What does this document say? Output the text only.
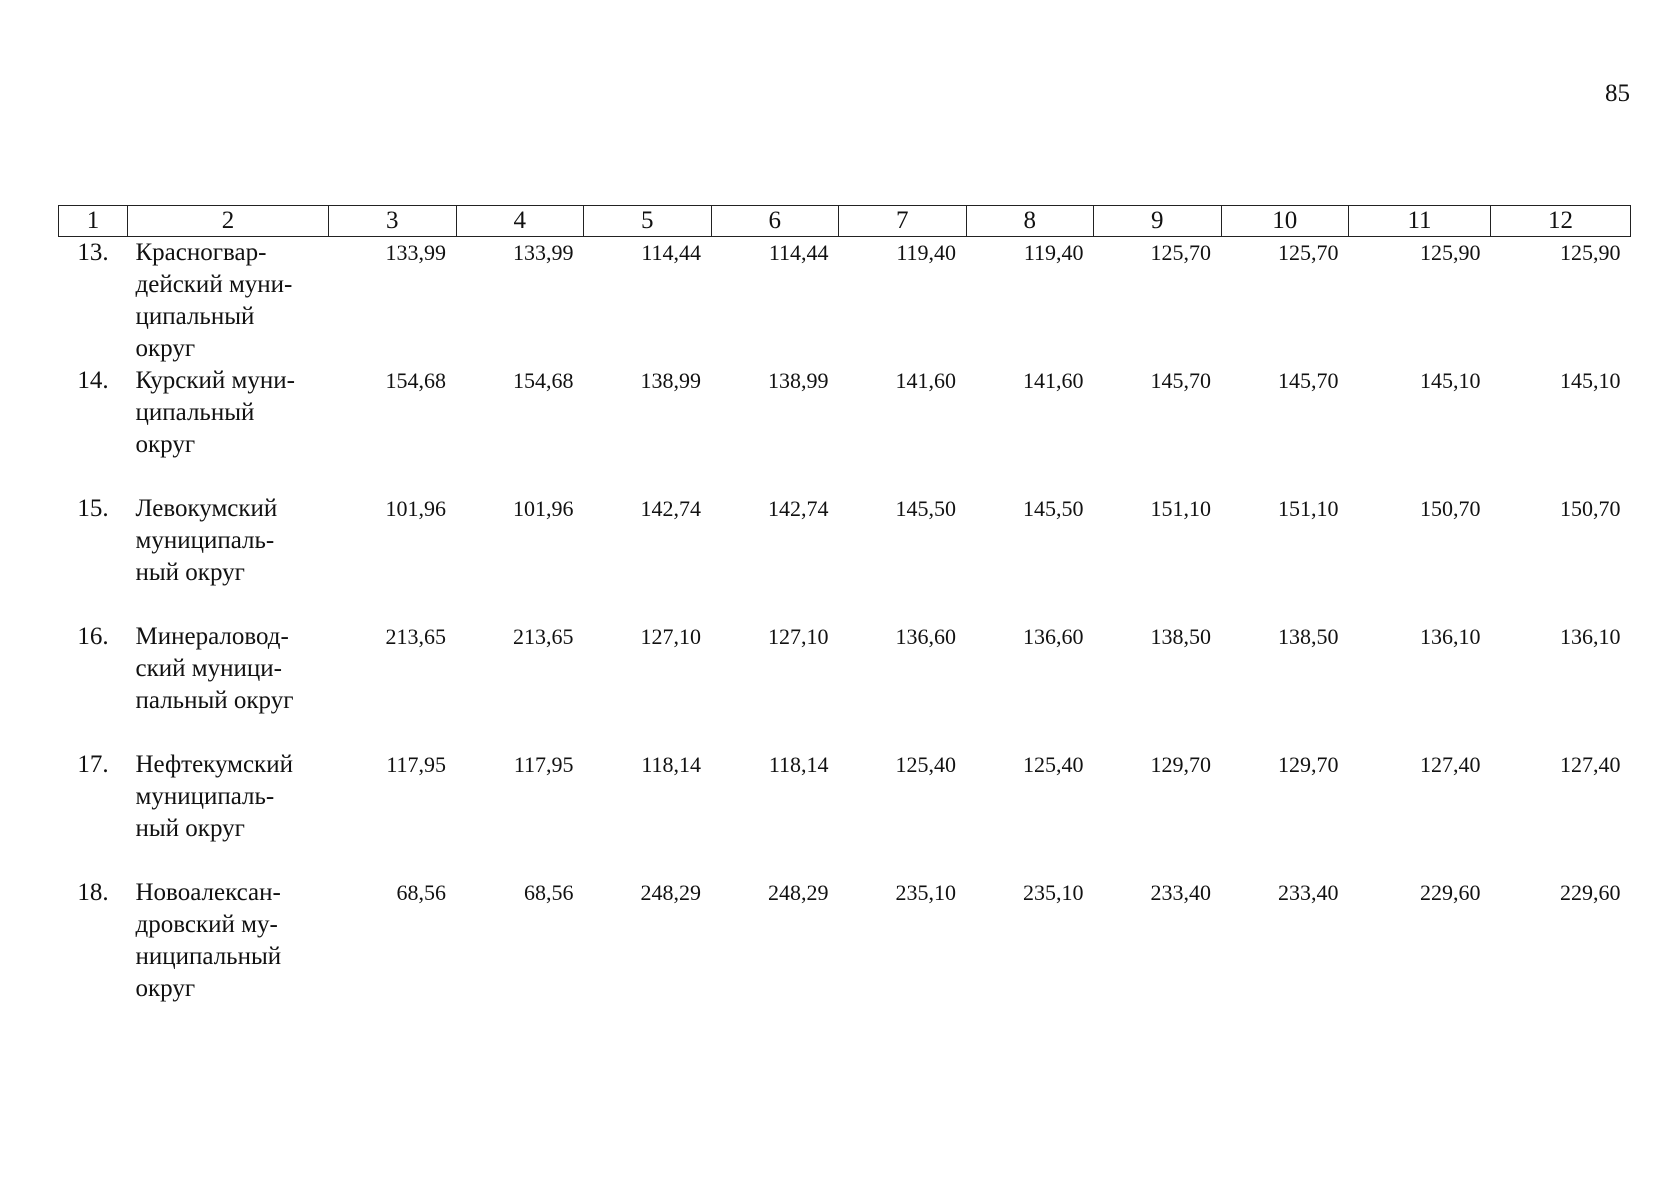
85
1	2	3	4	5	6	7	8	9	10	11	12
13.	Красногвар-
дейский муни-
ципальный
округ	133,99	133,99	114,44	114,44	119,40	119,40	125,70	125,70	125,90	125,90
14.	Курский муни-
ципальный
округ	154,68	154,68	138,99	138,99	141,60	141,60	145,70	145,70	145,10	145,10
15.	Левокумский
муниципаль-
ный округ	101,96	101,96	142,74	142,74	145,50	145,50	151,10	151,10	150,70	150,70
16.	Минераловод-
ский муници-
пальный округ	213,65	213,65	127,10	127,10	136,60	136,60	138,50	138,50	136,10	136,10
17.	Нефтекумский
муниципаль-
ный округ	117,95	117,95	118,14	118,14	125,40	125,40	129,70	129,70	127,40	127,40
18.	Новоалексан-
дровский му-
ниципальный
округ	68,56	68,56	248,29	248,29	235,10	235,10	233,40	233,40	229,60	229,60
